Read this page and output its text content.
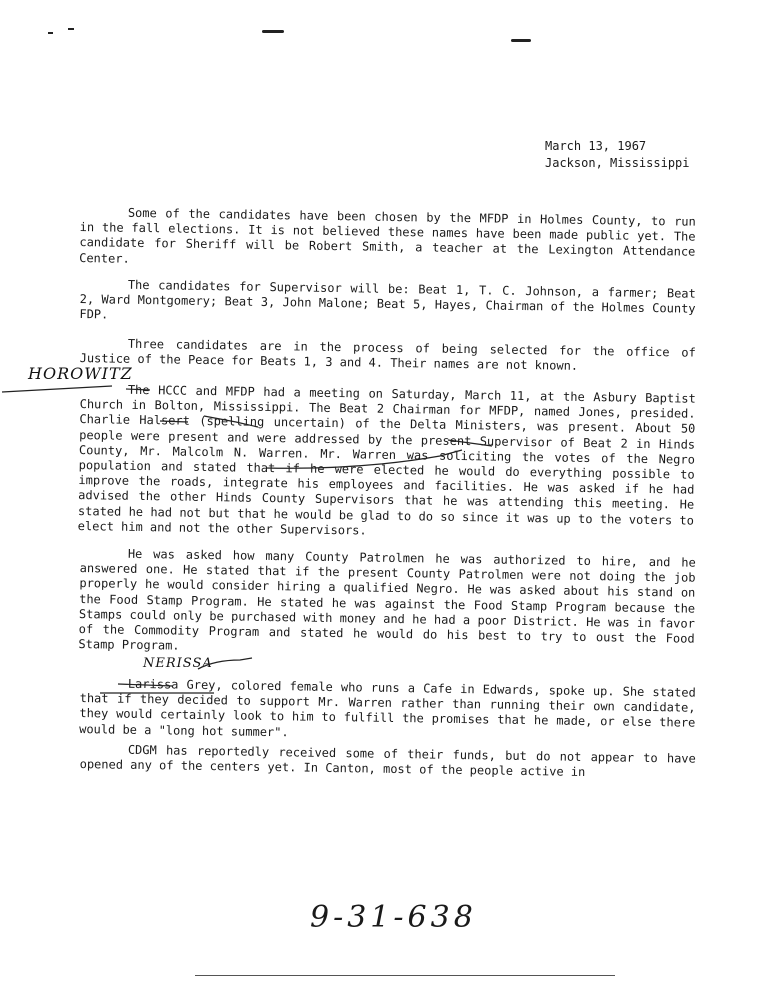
March 13, 1967
Jackson, Mississippi
Some of the candidates have been chosen by the MFDP in Holmes County, to run in the fall elections. It is not believed these names have been made public yet. The candidate for Sheriff will be Robert Smith, a teacher at the Lexington Attendance Center.
The candidates for Supervisor will be: Beat 1, T. C. Johnson, a farmer; Beat 2, Ward Montgomery; Beat 3, John Malone; Beat 5, Hayes, Chairman of the Holmes County FDP.
Three candidates are in the process of being selected for the office of Justice of the Peace for Beats 1, 3 and 4. Their names are not known.
The HCCC and MFDP had a meeting on Saturday, March 11, at the Asbury Baptist Church in Bolton, Mississippi. The Beat 2 Chairman for MFDP, named Jones, presided. Charlie Halsert (spelling uncertain) of the Delta Ministers, was present. About 50 people were present and were addressed by the present Supervisor of Beat 2 in Hinds County, Mr. Malcolm N. Warren. Mr. Warren was soliciting the votes of the Negro population and stated that if he were elected he would do everything possible to improve the roads, integrate his employees and facilities. He was asked if he had advised the other Hinds County Supervisors that he was attending this meeting. He stated he had not but that he would be glad to do so since it was up to the voters to elect him and not the other Supervisors.
He was asked how many County Patrolmen he was authorized to hire, and he answered one. He stated that if the present County Patrolmen were not doing the job properly he would consider hiring a qualified Negro. He was asked about his stand on the Food Stamp Program. He stated he was against the Food Stamp Program because the Stamps could only be purchased with money and he had a poor District. He was in favor of the Commodity Program and stated he would do his best to try to oust the Food Stamp Program.
Larissa Grey, colored female who runs a Cafe in Edwards, spoke up. She stated that if they decided to support Mr. Warren rather than running their own candidate, they would certainly look to him to fulfill the promises that he made, or else there would be a "long hot summer".
CDGM has reportedly received some of their funds, but do not appear to have opened any of the centers yet. In Canton, most of the people active in
HOROWITZ
NERISSA
9-31-638
